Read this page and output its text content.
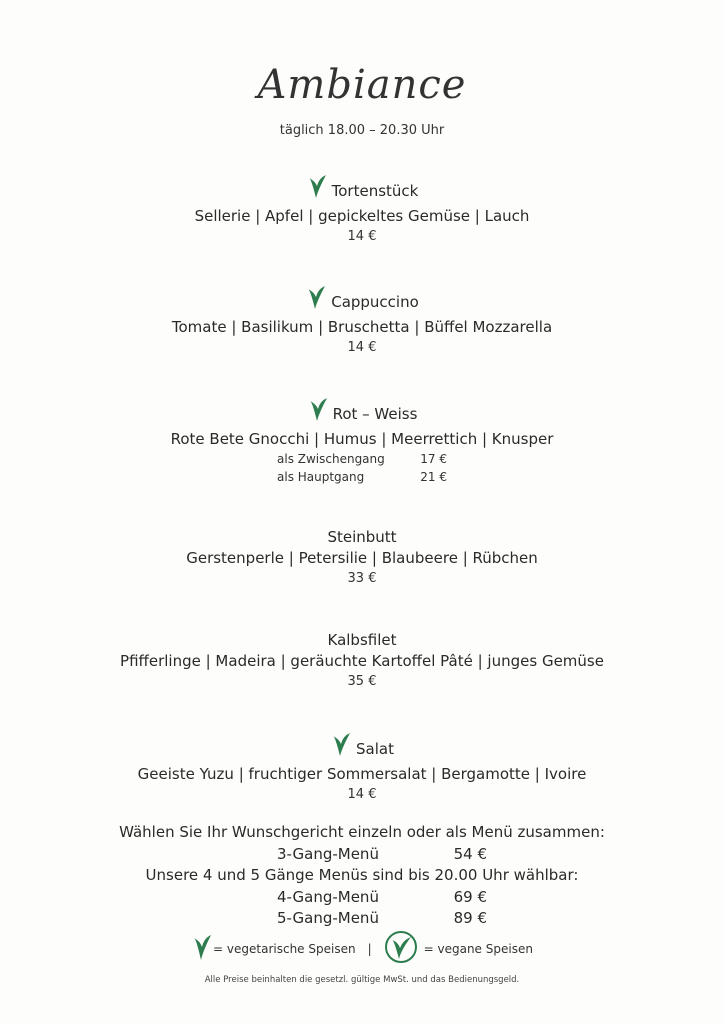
Ambiance
täglich 18.00 – 20.30 Uhr
Tortenstück
Sellerie | Apfel | gepickeltes Gemüse | Lauch
14 €
Cappuccino
Tomate | Basilikum | Bruschetta | Büffel Mozzarella
14 €
Rot – Weiss
Rote Bete Gnocchi | Humus | Meerrettich | Knusper
als Zwischengang	17 €
als Hauptgang	21 €
Steinbutt
Gerstenperle | Petersilie | Blaubeere | Rübchen
33 €
Kalbsfilet
Pfifferlinge | Madeira | geräuchte Kartoffel Pâté | junges Gemüse
35 €
Salat
Geeiste Yuzu | fruchtiger Sommersalat | Bergamotte | Ivoire
14 €
Wählen Sie Ihr Wunschgericht einzeln oder als Menü zusammen:
3-Gang-Menü	54 €
Unsere 4 und 5 Gänge Menüs sind bis 20.00 Uhr wählbar:
4-Gang-Menü	69 €
5-Gang-Menü	89 €
= vegetarische Speisen |	= vegane Speisen
Alle Preise beinhalten die gesetzl. gültige MwSt. und das Bedienungsgeld.
